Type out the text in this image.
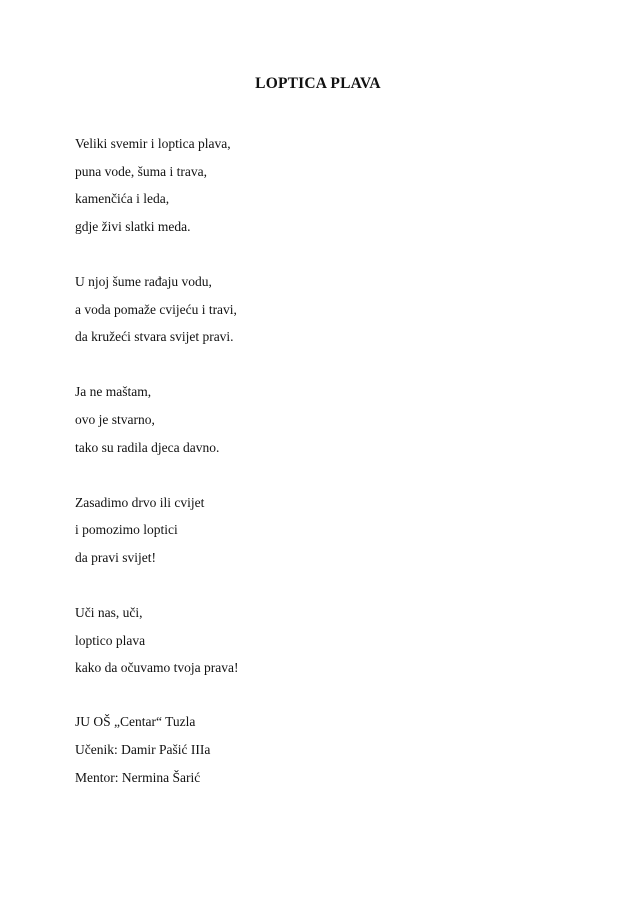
LOPTICA PLAVA
Veliki svemir i loptica plava,
puna vode, šuma i trava,
kamenčića i leda,
gdje živi slatki meda.
U njoj šume rađaju vodu,
a voda pomaže cvijeću i travi,
da kružeći stvara svijet pravi.
Ja ne maštam,
ovo je stvarno,
tako su radila djeca davno.
Zasadimo drvo ili cvijet
i pomozimo loptici
da pravi svijet!
Uči nas, uči,
loptico plava
kako da očuvamo tvoja prava!
JU OŠ „Centar“ Tuzla
Učenik: Damir Pašić IIIa
Mentor: Nermina Šarić
